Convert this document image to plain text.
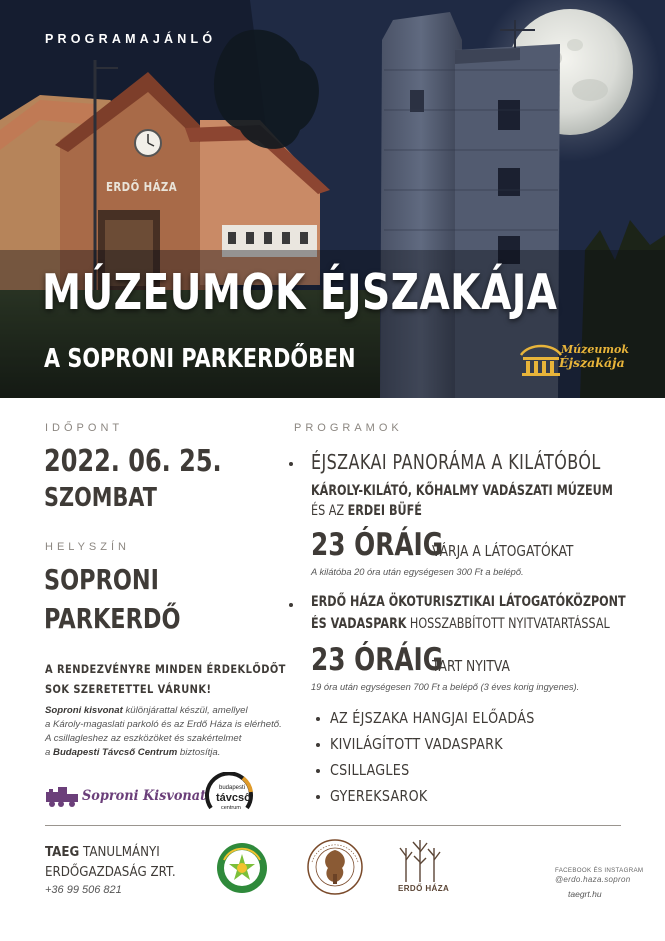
PROGRAMAJÁNLÓ
ERDŐ HÁZA
MÚZEUMOK ÉJSZAKÁJA
A SOPRONI PARKERDŐBEN	Múzeumok
Éjszakája
IDŐPONT
2022. 06. 25.
SZOMBAT
HELYSZÍN
SOPRONI
PARKERDŐ
A RENDEZVÉNYRE MINDEN ÉRDEKLŐDŐT
SOK SZERETETTEL VÁRUNK!
Soproni kisvonat különjárattal készül, amellyel
a Károly-magaslati parkoló és az Erdő Háza is elérhető.
A csillagleshez az eszközöket és szakértelmet
a Budapesti Távcső Centrum biztosítja.
Soproni Kisvonat budapesti
távcső
centrum
PROGRAMOK
ÉJSZAKAI PANORÁMA A KILÁTÓBÓL
KÁROLY-KILÁTÓ, KŐHALMY VADÁSZATI MÚZEUM
ÉS AZ ERDEI BÜFÉ
23 ÓRÁIG
VÁRJA A LÁTOGATÓKAT
A kilátóba 20 óra után egységesen 300 Ft a belépő.
ERDŐ HÁZA ÖKOTURISZTIKAI LÁTOGATÓKÖZPONT
ÉS VADASPARK HOSSZABBÍTOTT NYITVATARTÁSSAL
23 ÓRÁIG
TART NYITVA
19 óra után egységesen 700 Ft a belépő (3 éves korig ingyenes).
AZ ÉJSZAKA HANGJAI ELŐADÁS
KIVILÁGÍTOTT VADASPARK
CSILLAGLES
GYEREKSAROK
TAEG TANULMÁNYI
ERDŐGAZDASÁG ZRT.
+36 99 506 821	ERDŐ HÁZA
FACEBOOK ÉS INSTAGRAM
@erdo.haza.sopron
taegrt.hu
